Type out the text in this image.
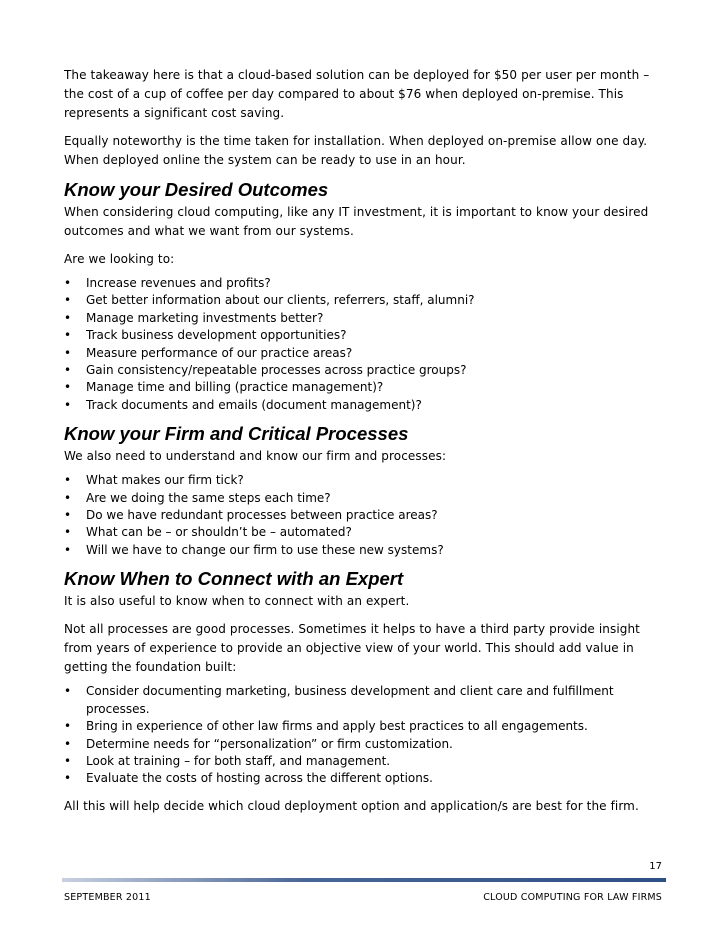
The takeaway here is that a cloud-based solution can be deployed for $50 per user per month – the cost of a cup of coffee per day compared to about $76 when deployed on-premise. This represents a significant cost saving.

Equally noteworthy is the time taken for installation. When deployed on-premise allow one day. When deployed online the system can be ready to use in an hour.

Know your Desired Outcomes

When considering cloud computing, like any IT investment, it is important to know your desired outcomes and what we want from our systems.

Are we looking to:

• Increase revenues and profits?
• Get better information about our clients, referrers, staff, alumni?
• Manage marketing investments better?
• Track business development opportunities?
• Measure performance of our practice areas?
• Gain consistency/repeatable processes across practice groups?
• Manage time and billing (practice management)?
• Track documents and emails (document management)?
Know your Firm and Critical Processes

We also need to understand and know our firm and processes:

• What makes our firm tick?
• Are we doing the same steps each time?
• Do we have redundant processes between practice areas?
• What can be – or shouldn’t be – automated?
• Will we have to change our firm to use these new systems?
Know When to Connect with an Expert

It is also useful to know when to connect with an expert.

Not all processes are good processes. Sometimes it helps to have a third party provide insight from years of experience to provide an objective view of your world. This should add value in getting the foundation built:

• Consider documenting marketing, business development and client care and fulfillment processes.
• Bring in experience of other law firms and apply best practices to all engagements.
• Determine needs for “personalization” or firm customization.
• Look at training – for both staff, and management.
• Evaluate the costs of hosting across the different options.

All this will help decide which cloud deployment option and application/s are best for the firm.

17
SEPTEMBER 2011	CLOUD COMPUTING FOR LAW FIRMS
